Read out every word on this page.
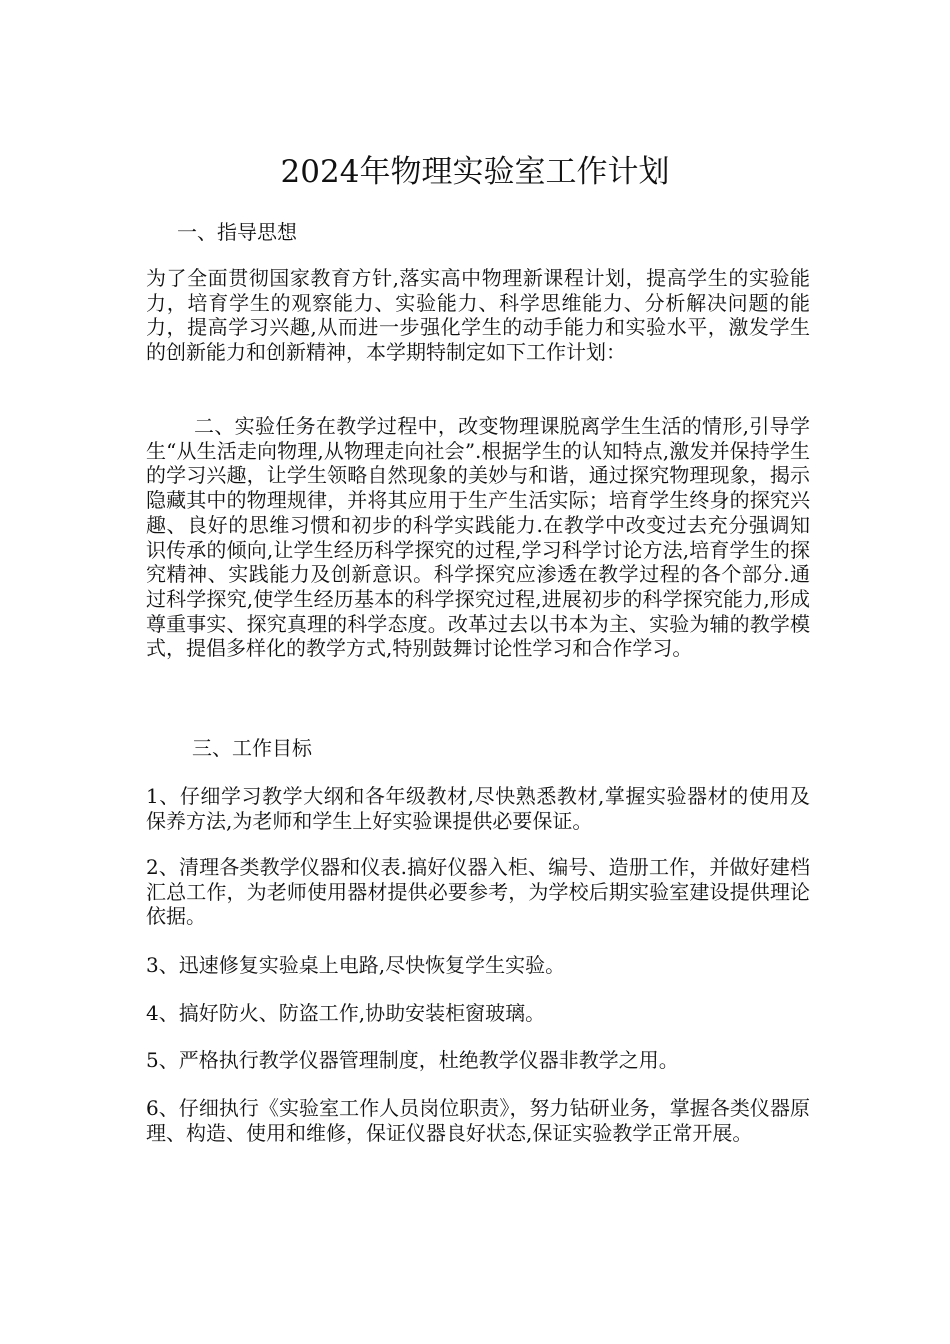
2024年物理实验室工作计划

一、指导思想

为了全面贯彻国家教育方针,落实高中物理新课程计划，提高学生的实验能力，培育学生的观察能力、实验能力、科学思维能力、分析解决问题的能力，提高学习兴趣,从而进一步强化学生的动手能力和实验水平，激发学生的创新能力和创新精神，本学期特制定如下工作计划：

二、实验任务在教学过程中，改变物理课脱离学生生活的情形,引导学生“从生活走向物理,从物理走向社会”.根据学生的认知特点,激发并保持学生的学习兴趣，让学生领略自然现象的美妙与和谐，通过探究物理现象，揭示隐藏其中的物理规律，并将其应用于生产生活实际；培育学生终身的探究兴趣、良好的思维习惯和初步的科学实践能力.在教学中改变过去充分强调知识传承的倾向,让学生经历科学探究的过程,学习科学讨论方法,培育学生的探究精神、实践能力及创新意识。科学探究应渗透在教学过程的各个部分.通过科学探究,使学生经历基本的科学探究过程,进展初步的科学探究能力,形成尊重事实、探究真理的科学态度。改革过去以书本为主、实验为辅的教学模式，提倡多样化的教学方式,特别鼓舞讨论性学习和合作学习。

三、工作目标

1、仔细学习教学大纲和各年级教材,尽快熟悉教材,掌握实验器材的使用及保养方法,为老师和学生上好实验课提供必要保证。

2、清理各类教学仪器和仪表.搞好仪器入柜、编号、造册工作，并做好建档汇总工作，为老师使用器材提供必要参考，为学校后期实验室建设提供理论依据。

3、迅速修复实验桌上电路,尽快恢复学生实验。

4、搞好防火、防盗工作,协助安装柜窗玻璃。

5、严格执行教学仪器管理制度，杜绝教学仪器非教学之用。

6、仔细执行《实验室工作人员岗位职责》，努力钻研业务，掌握各类仪器原理、构造、使用和维修，保证仪器良好状态,保证实验教学正常开展。
